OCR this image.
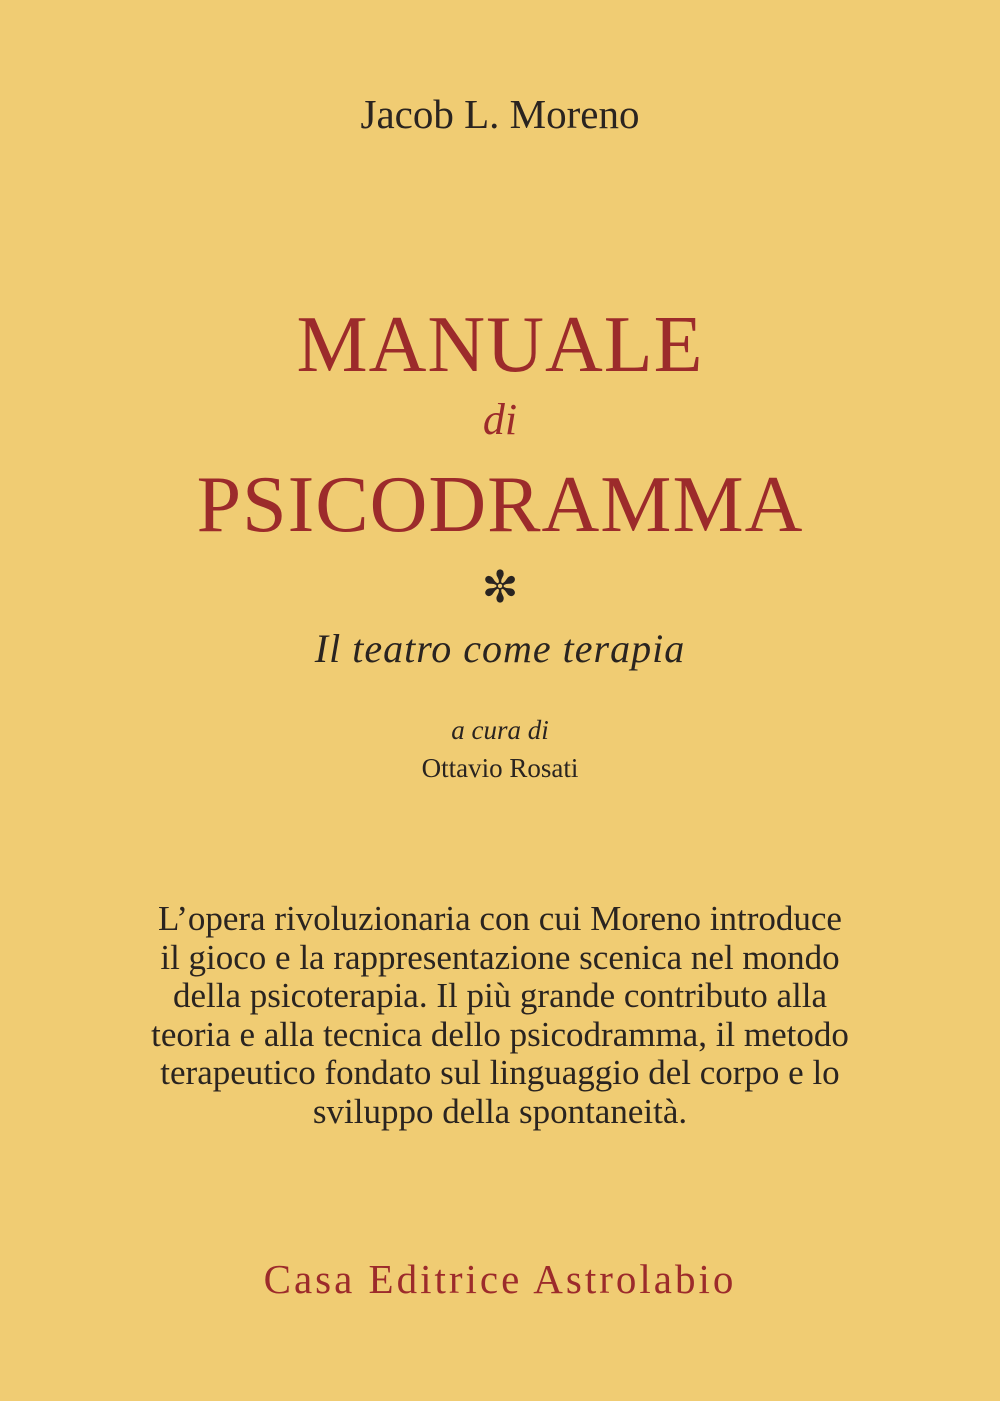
Jacob L. Moreno

MANUALE

di

PSICODRAMMA

✼

Il teatro come terapia

a cura di

Ottavio Rosati

L’opera rivoluzionaria con cui Moreno introduce
il gioco e la rappresentazione scenica nel mondo
della psicoterapia. Il più grande contributo alla
teoria e alla tecnica dello psicodramma, il metodo
terapeutico fondato sul linguaggio del corpo e lo
sviluppo della spontaneità.

Casa Editrice Astrolabio
